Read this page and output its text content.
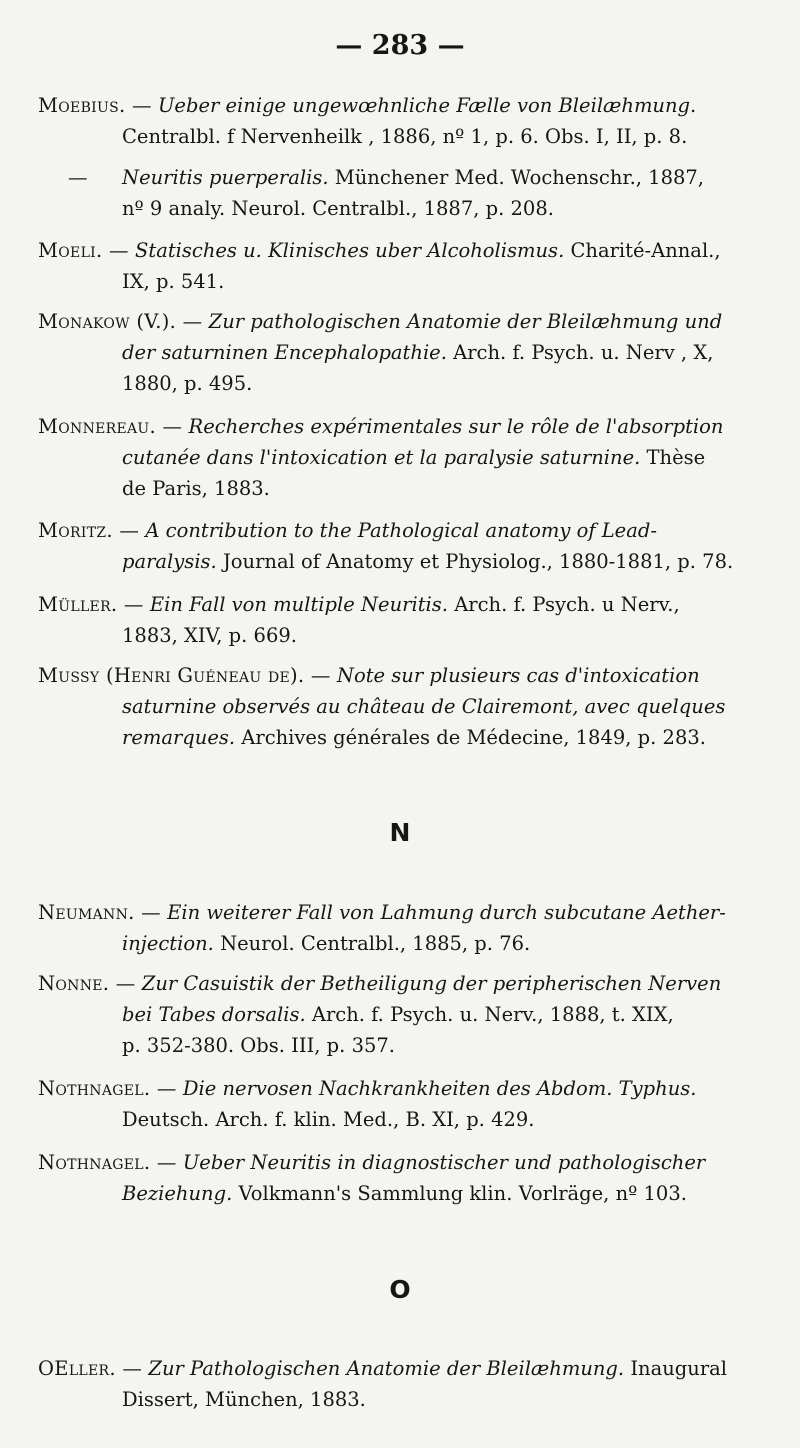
— 283 —
Moebius. — Ueber einige ungewœhnliche Fælle von Bleilæhmung.
Centralbl. f Nervenheilk , 1886, nº 1, p. 6. Obs. I, II, p. 8.
— Neuritis puerperalis. Münchener Med. Wochenschr., 1887,
nº 9 analy. Neurol. Centralbl., 1887, p. 208.
Moeli. — Statisches u. Klinisches uber Alcoholismus. Charité-Annal.,
IX, p. 541.
Monakow (V.). — Zur pathologischen Anatomie der Bleilæhmung und
der saturninen Encephalopathie. Arch. f. Psych. u. Nerv , X,
1880, p. 495.
Monnereau. — Recherches expérimentales sur le rôle de l'absorption
cutanée dans l'intoxication et la paralysie saturnine. Thèse
de Paris, 1883.
Moritz. — A contribution to the Pathological anatomy of Lead-
paralysis. Journal of Anatomy et Physiolog., 1880-1881, p. 78.
Müller. — Ein Fall von multiple Neuritis. Arch. f. Psych. u Nerv.,
1883, XIV, p. 669.
Mussy (Henri Guéneau de). — Note sur plusieurs cas d'intoxication
saturnine observés au château de Clairemont, avec quelques
remarques. Archives générales de Médecine, 1849, p. 283.
Neumann. — Ein weiterer Fall von Lahmung durch subcutane Aether-
injection. Neurol. Centralbl., 1885, p. 76.
Nonne. — Zur Casuistik der Betheiligung der peripherischen Nerven
bei Tabes dorsalis. Arch. f. Psych. u. Nerv., 1888, t. XIX,
p. 352-380. Obs. III, p. 357.
Nothnagel. — Die nervosen Nachkrankheiten des Abdom. Typhus.
Deutsch. Arch. f. klin. Med., B. XI, p. 429.
Nothnagel. — Ueber Neuritis in diagnostischer und pathologischer
Beziehung. Volkmann's Sammlung klin. Vorlräge, nº 103.
OEller. — Zur Pathologischen Anatomie der Bleilæhmung. Inaugural
Dissert, München, 1883.
N
O
